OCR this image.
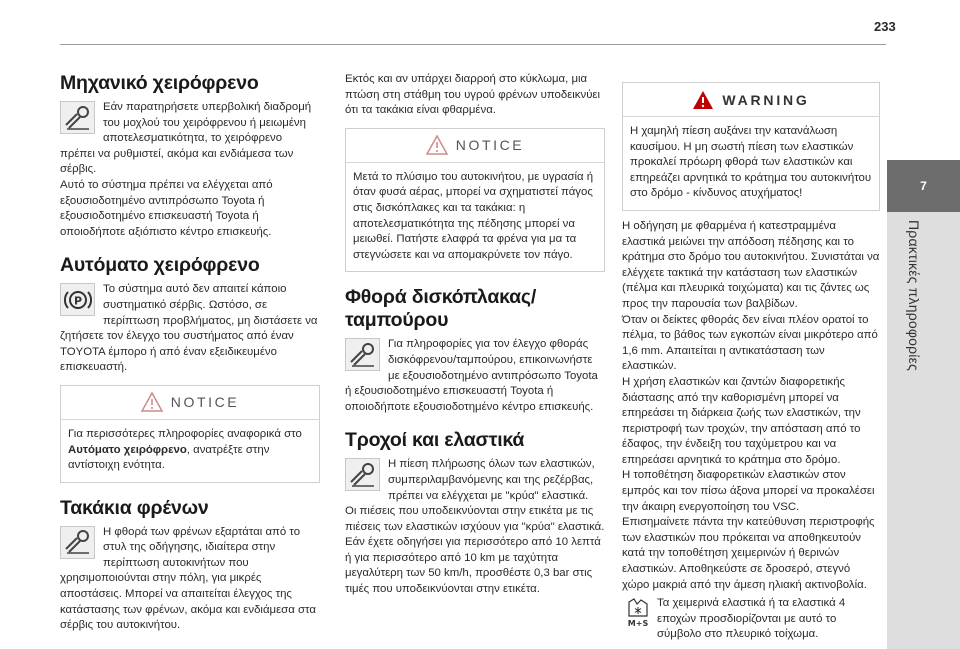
233
7
Πρακτικές πληροφορίες
Μηχανικό χειρόφρενο

Εάν παρατηρήσετε υπερβολική διαδρομή του μοχλού του χειρόφρενου ή μειωμένη αποτελεσματικότητα, το χειρόφρενο πρέπει να ρυθμιστεί, ακόμα και ενδιάμεσα των σέρβις.

Αυτό το σύστημα πρέπει να ελέγχεται από εξουσιοδοτημένο αντιπρόσωπο Toyota ή εξουσιοδοτημένο επισκευαστή Toyota ή οποιοδήποτε αξιόπιστο κέντρο επισκευής.

Αυτόματο χειρόφρενο
P

Το σύστημα αυτό δεν απαιτεί κάποιο συστηματικό σέρβις. Ωστόσο, σε περίπτωση προβλήματος, μη διστάσετε να ζητήσετε τον έλεγχο του συστήματος από έναν TOYOTA έμπορο ή από έναν εξειδικευμένο επισκευαστή.

NOTICE
Για περισσότερες πληροφορίες αναφορικά στο Αυτόματο χειρόφρενο, ανατρέξτε στην αντίστοιχη ενότητα.
Τακάκια φρένων

Η φθορά των φρένων εξαρτάται από το στυλ της οδήγησης, ιδιαίτερα στην περίπτωση αυτοκινήτων που χρησιμοποιούνται στην πόλη, για μικρές αποστάσεις. Μπορεί να απαιτείται έλεγχος της κατάστασης των φρένων, ακόμα και ενδιάμεσα στα σέρβις του αυτοκινήτου.

Εκτός και αν υπάρχει διαρροή στο κύκλωμα, μια πτώση στη στάθμη του υγρού φρένων υποδεικνύει ότι τα τακάκια είναι φθαρμένα.

NOTICE
Μετά το πλύσιμο του αυτοκινήτου, με υγρασία ή όταν φυσά αέρας, μπορεί να σχηματιστεί πάγος στις δισκόπλακες και τα τακάκια: η αποτελεσματικότητα της πέδησης μπορεί να μειωθεί. Πατήστε ελαφρά τα φρένα για μα τα στεγνώσετε και να απομακρύνετε τον πάγο.
Φθορά δισκόπλακας/ταμπούρου

Για πληροφορίες για τον έλεγχο φθοράς δισκόφρενου/ταμπούρου, επικοινωνήστε με εξουσιοδοτημένο αντιπρόσωπο Toyota ή εξουσιοδοτημένο επισκευαστή Toyota ή οποιοδήποτε εξουσιοδοτημένο κέντρο επισκευής.

Τροχοί και ελαστικά

Η πίεση πλήρωσης όλων των ελαστικών, συμπεριλαμβανόμενης και της ρεζέρβας, πρέπει να ελέγχεται με "κρύα" ελαστικά.

Οι πιέσεις που υποδεικνύονται στην ετικέτα με τις πιέσεις των ελαστικών ισχύουν για "κρύα" ελαστικά. Εάν έχετε οδηγήσει για περισσότερο από 10 λεπτά ή για περισσότερο από 10 km με ταχύτητα μεγαλύτερη των 50 km/h, προσθέστε 0,3 bar στις τιμές που υποδεικνύονται στην ετικέτα.

WARNING
Η χαμηλή πίεση αυξάνει την κατανάλωση καυσίμου. Η μη σωστή πίεση των ελαστικών προκαλεί πρόωρη φθορά των ελαστικών και επηρεάζει αρνητικά το κράτημα του αυτοκινήτου στο δρόμο - κίνδυνος ατυχήματος!

Η οδήγηση με φθαρμένα ή κατεστραμμένα ελαστικά μειώνει την απόδοση πέδησης και το κράτημα στο δρόμο του αυτοκινήτου. Συνιστάται να ελέγχετε τακτικά την κατάσταση των ελαστικών (πέλμα και πλευρικά τοιχώματα) και τις ζάντες ως προς την παρουσία των βαλβίδων.

Όταν οι δείκτες φθοράς δεν είναι πλέον ορατοί το πέλμα, το βάθος των εγκοπών είναι μικρότερο από 1,6 mm. Απαιτείται η αντικατάσταση των ελαστικών.

Η χρήση ελαστικών και ζαντών διαφορετικής διάστασης από την καθορισμένη μπορεί να επηρεάσει τη διάρκεια ζωής των ελαστικών, την περιστροφή των τροχών, την απόσταση από το έδαφος, την ένδειξη του ταχύμετρου και να επηρεάσει αρνητικά το κράτημα στο δρόμο.

Η τοποθέτηση διαφορετικών ελαστικών στον εμπρός και τον πίσω άξονα μπορεί να προκαλέσει την άκαιρη ενεργοποίηση του VSC.

Επισημαίνετε πάντα την κατεύθυνση περιστροφής των ελαστικών που πρόκειται να αποθηκευτούν κατά την τοποθέτηση χειμερινών ή θερινών ελαστικών. Αποθηκεύστε σε δροσερό, στεγνό χώρο μακριά από την άμεση ηλιακή ακτινοβολία.

M+S

Τα χειμερινά ελαστικά ή τα ελαστικά 4 εποχών προσδιορίζονται με αυτό το σύμβολο στο πλευρικό τοίχωμα.
